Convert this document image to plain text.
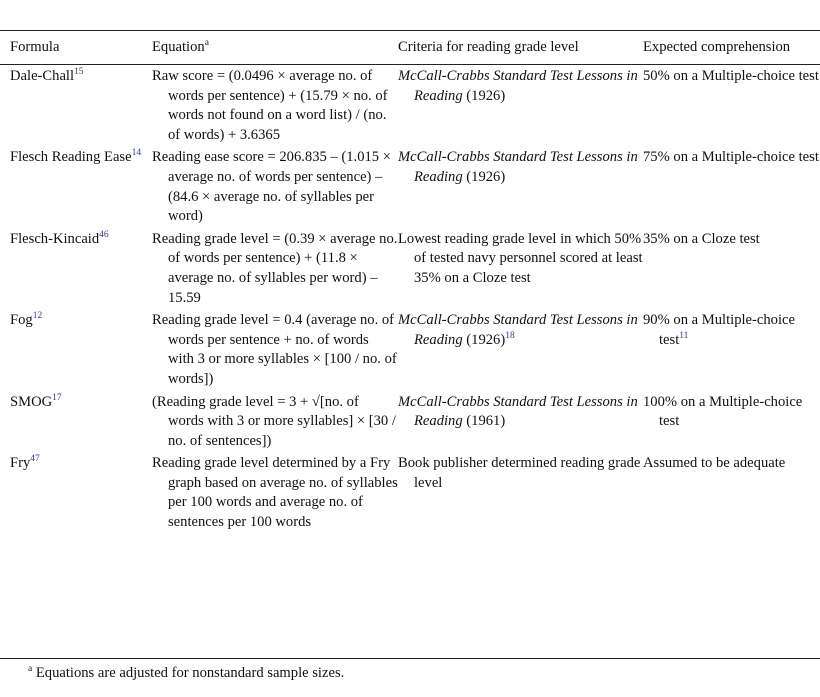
Formula	Equation$^a$	Criteria for reading grade level	Expected comprehension

Dale-Chall$^{15}$	Raw score = (0.0496 × average no. of words per sentence) + (15.79 × no. of words not found on a word list) / (no. of words) + 3.6365	McCall-Crabbs Standard Test Lessons in Reading (1926)	50% on a Multiple-choice test

Flesch Reading Ease$^{14}$	Reading ease score = 206.835 – (1.015 × average no. of words per sentence) – (84.6 × average no. of syllables per word)	McCall-Crabbs Standard Test Lessons in Reading (1926)	75% on a Multiple-choice test

Flesch-Kincaid$^{46}$	Reading grade level = (0.39 × average no. of words per sentence) + (11.8 × average no. of syllables per word) – 15.59	Lowest reading grade level in which 50% of tested navy personnel scored at least 35% on a Cloze test	35% on a Cloze test

Fog$^{12}$	Reading grade level = 0.4 (average no. of words per sentence + no. of words with 3 or more syllables × [100 / no. of words])	McCall-Crabbs Standard Test Lessons in Reading $(1926)^{18}$	90% on a Multiple-choice test$^{11}$

SMOG$^{17}$	(Reading grade level = 3 + √[no. of words with 3 or more syllables] × [30 / no. of sentences])	McCall-Crabbs Standard Test Lessons in Reading (1961)	100% on a Multiple-choice test

Fry$^{47}$	Reading grade level determined by a Fry graph based on average no. of syllables per 100 words and average no. of sentences per 100 words	Book publisher determined reading grade level	Assumed to be adequate
$^a$ Equations are adjusted for nonstandard sample sizes.
